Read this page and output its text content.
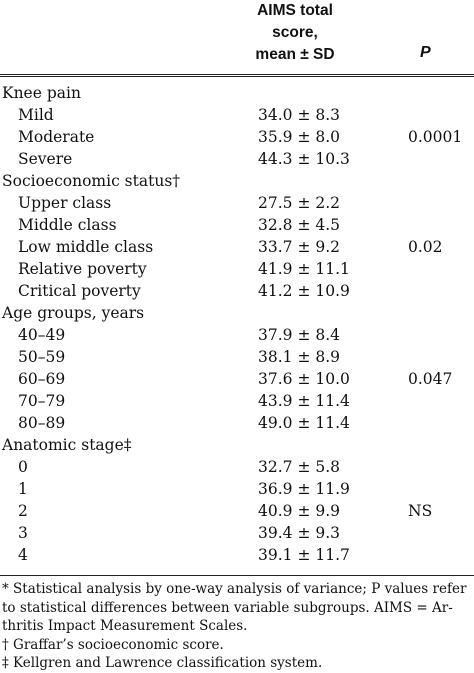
AIMS total
score,
mean ± SD	P
Knee pain
Mild	34.0 ± 8.3
Moderate	35.9 ± 8.0	0.0001
Severe	44.3 ± 10.3
Socioeconomic status†
Upper class	27.5 ± 2.2
Middle class	32.8 ± 4.5
Low middle class	33.7 ± 9.2	0.02
Relative poverty	41.9 ± 11.1
Critical poverty	41.2 ± 10.9
Age groups, years
40–49	37.9 ± 8.4
50–59	38.1 ± 8.9
60–69	37.6 ± 10.0	0.047
70–79	43.9 ± 11.4
80–89	49.0 ± 11.4
Anatomic stage‡
0	32.7 ± 5.8
1	36.9 ± 11.9
2	40.9 ± 9.9	NS
3	39.4 ± 9.3
4	39.1 ± 11.7
* Statistical analysis by one-way analysis of variance; P values refer
to statistical differences between variable subgroups. AIMS = Ar-
thritis Impact Measurement Scales.
† Graffar’s socioeconomic score.
‡ Kellgren and Lawrence classification system.
